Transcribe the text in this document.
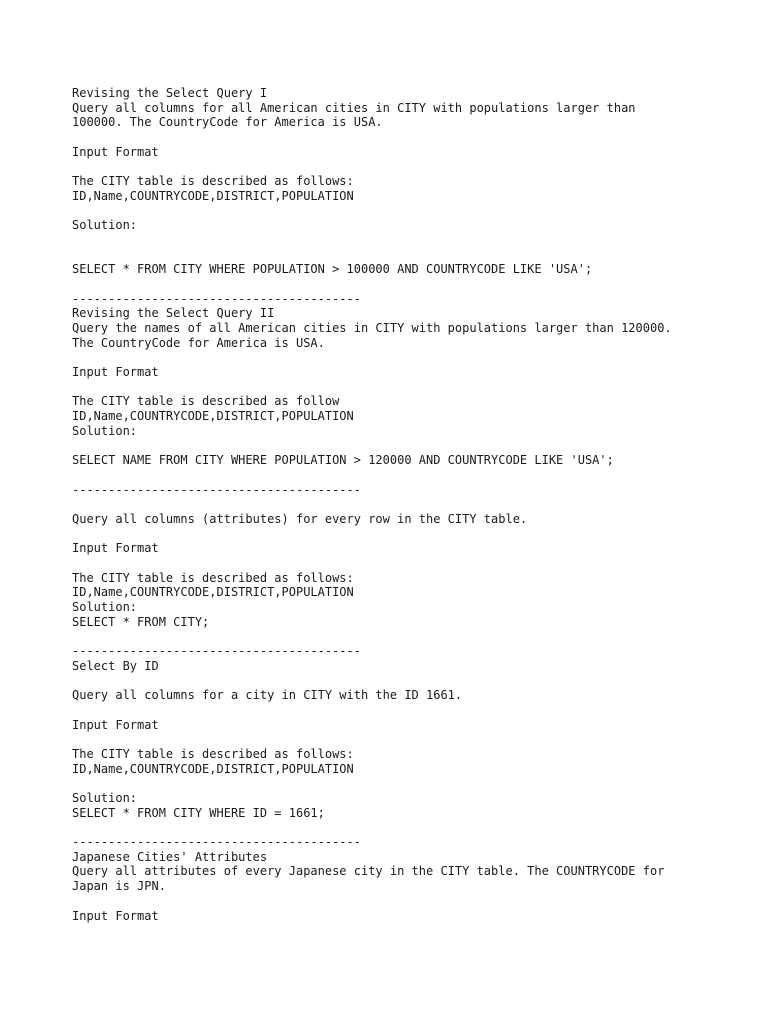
Revising the Select Query I
Query all columns for all American cities in CITY with populations larger than
100000. The CountryCode for America is USA.
Input Format
The CITY table is described as follows:
ID,Name,COUNTRYCODE,DISTRICT,POPULATION
Solution:
SELECT * FROM CITY WHERE POPULATION > 100000 AND COUNTRYCODE LIKE 'USA';
----------------------------------------
Revising the Select Query II
Query the names of all American cities in CITY with populations larger than 120000.
The CountryCode for America is USA.
Input Format
The CITY table is described as follow
ID,Name,COUNTRYCODE,DISTRICT,POPULATION
Solution:
SELECT NAME FROM CITY WHERE POPULATION > 120000 AND COUNTRYCODE LIKE 'USA';
----------------------------------------
Query all columns (attributes) for every row in the CITY table.
Input Format
The CITY table is described as follows:
ID,Name,COUNTRYCODE,DISTRICT,POPULATION
Solution:
SELECT * FROM CITY;
----------------------------------------
Select By ID
Query all columns for a city in CITY with the ID 1661.
Input Format
The CITY table is described as follows:
ID,Name,COUNTRYCODE,DISTRICT,POPULATION
Solution:
SELECT * FROM CITY WHERE ID = 1661;
----------------------------------------
Japanese Cities' Attributes
Query all attributes of every Japanese city in the CITY table. The COUNTRYCODE for
Japan is JPN.
Input Format
